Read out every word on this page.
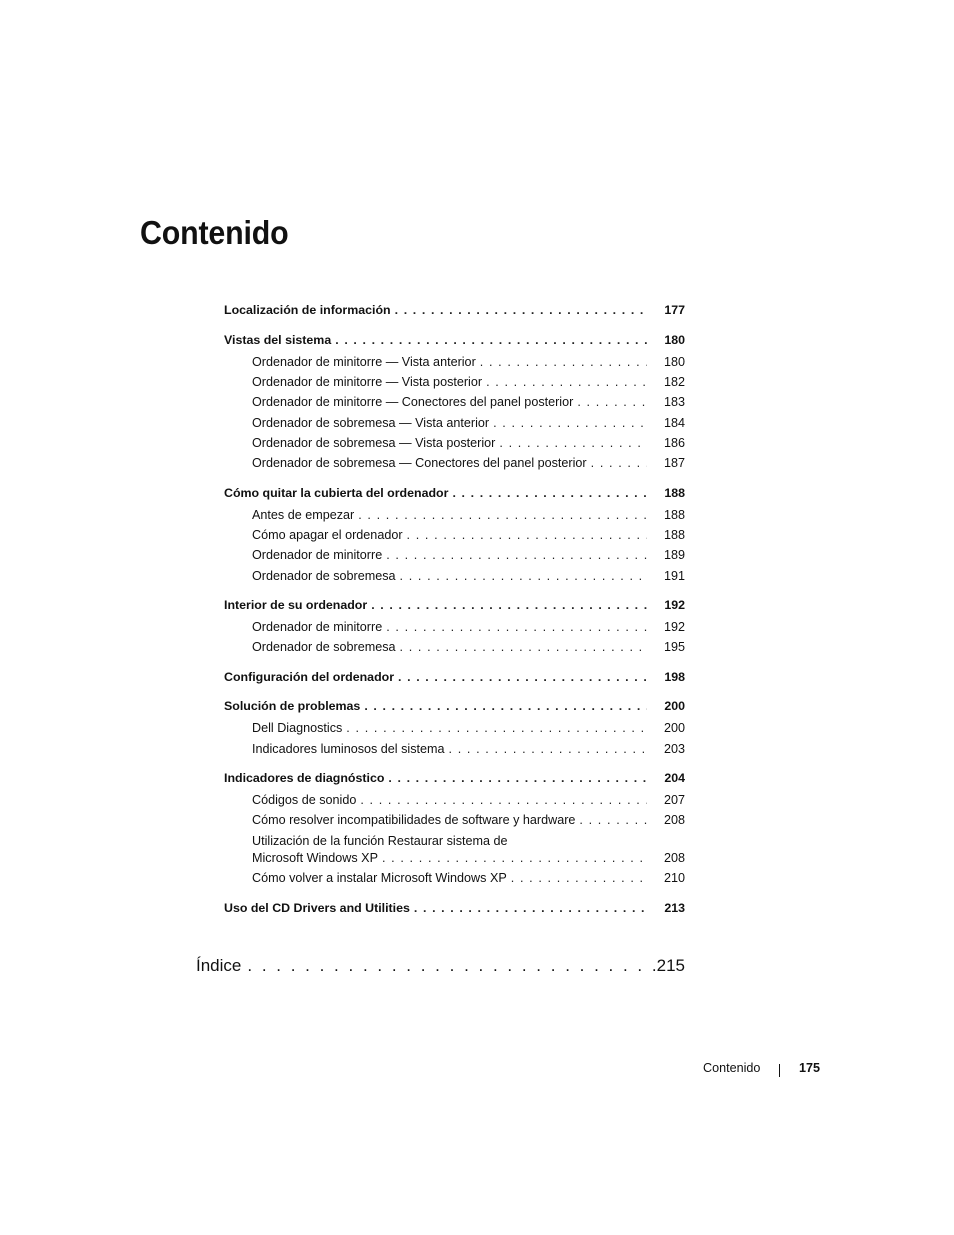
Contenido
Localización de información . . .	177
Vistas del sistema . . .	180
Ordenador de minitorre — Vista anterior . . .	180
Ordenador de minitorre — Vista posterior . . .	182
Ordenador de minitorre — Conectores del panel posterior . . .	183
Ordenador de sobremesa — Vista anterior . . .	184
Ordenador de sobremesa — Vista posterior . . .	186
Ordenador de sobremesa — Conectores del panel posterior . . .	187
Cómo quitar la cubierta del ordenador . . .	188
Antes de empezar . . .	188
Cómo apagar el ordenador . . .	188
Ordenador de minitorre . . .	189
Ordenador de sobremesa . . .	191
Interior de su ordenador . . .	192
Ordenador de minitorre . . .	192
Ordenador de sobremesa . . .	195
Configuración del ordenador . . .	198
Solución de problemas . . .	200
Dell Diagnostics . . .	200
Indicadores luminosos del sistema . . .	203
Indicadores de diagnóstico . . .	204
Códigos de sonido . . .	207
Cómo resolver incompatibilidades de software y hardware . . .	208
Utilización de la función Restaurar sistema de
Microsoft Windows XP . . .	208
Cómo volver a instalar Microsoft Windows XP . . .	210
Uso del CD Drivers and Utilities . . .	213
Índice . . .	215
Contenido	175
